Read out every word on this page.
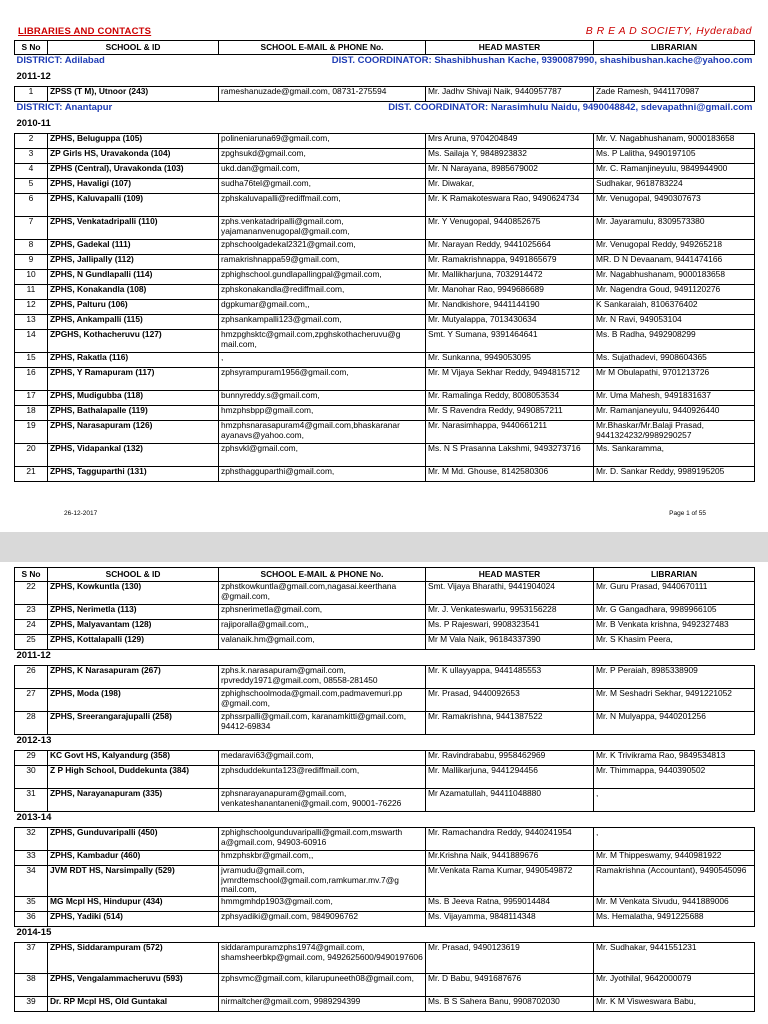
LIBRARIES AND CONTACTS	B R E A D SOCIETY, Hyderabad
S No	SCHOOL & ID	SCHOOL E-MAIL & PHONE No.	HEAD MASTER	LIBRARIAN

DISTRICT: Adilabad DIST. COORDINATOR: Shashibhushan Kache, 9390087990, shashibushan.kache@yahoo.com				

2011-12				
1	ZPSS (T M), Utnoor (243)	rameshanuzade@gmail.com, 08731-275594	Mr. Jadhv Shivaji Naik, 9440957787	Zade Ramesh, 9441170987

DISTRICT: Anantapur DIST. COORDINATOR: Narasimhulu Naidu, 9490048842, sdevapathni@gmail.com				

2010-11				
2	ZPHS, Beluguppa (105)	polineniaruna69@gmail.com,	Mrs Aruna, 9704204849	Mr. V. Nagabhushanam, 9000183658
3	ZP Girls HS, Uravakonda (104)	zpghsukd@gmail.com,	Ms. Sailaja Y, 9848923832	Ms. P Lalitha, 9490197105
4	ZPHS (Central), Uravakonda (103)	ukd.dan@gmail.com,	Mr. N Narayana, 8985679002	Mr. C. Ramanjineyulu, 9849944900
5	ZPHS, Havaligi (107)	sudha76tel@gmail.com,	Mr. Diwakar,	Sudhakar, 9618783224
6	ZPHS, Kaluvapalli (109)	zphskaluvapalli@rediffmail.com,	Mr. K Ramakoteswara Rao, 9490624734	Mr. Venugopal, 9490307673
7	ZPHS, Venkatadripalli (110)	zphs.venkatadripalli@gmail.com, yajamananvenugopal@gmail.com,	Mr. Y Venugopal, 9440852675	Mr. Jayaramulu, 8309573380
8	ZPHS, Gadekal (111)	zphschoolgadekal2321@gmail.com,	Mr. Narayan Reddy, 9441025664	Mr. Venugopal Reddy, 949265218
9	ZPHS, Jallipally (112)	ramakrishnappa59@gmail.com,	Mr. Ramakrishnappa, 9491865679	MR. D N Devaanam, 9441474166
10	ZPHS, N Gundlapalli (114)	zphighschool.gundlapallingpal@gmail.com,	Mr. Mallikharjuna, 7032914472	Mr. Nagabhushanam, 9000183658
11	ZPHS, Konakandla (108)	zphskonakandla@rediffmail.com,	Mr. Manohar Rao, 9949686689	Mr. Nagendra Goud, 9491120276
12	ZPHS, Palturu (106)	dgpkumar@gmail.com,,	Mr. Nandkishore, 9441144190	K Sankaraiah, 8106376402
13	ZPHS, Ankampalli (115)	zphsankampalli123@gmail.com,	Mr. Mutyalappa, 7013430634	Mr. N Ravi, 949053104
14	ZPGHS, Kothacheruvu (127)	hmzpghsktc@gmail.com,zpghskothacheruvu@g mail.com,	Smt. Y Sumana, 9391464641	Ms. B Radha, 9492908299
15	ZPHS, Rakatla (116)	,	Mr. Sunkanna, 9949053095	Ms. Sujathadevi, 9908604365
16	ZPHS, Y Ramapuram (117)	zphsyrampuram1956@gmail.com,	Mr. M Vijaya Sekhar Reddy, 9494815712	Mr M Obulapathi, 9701213726
17	ZPHS, Mudigubba (118)	bunnyreddy.s@gmail.com,	Mr. Ramalinga Reddy, 8008053534	Mr. Uma Mahesh, 9491831637
18	ZPHS, Bathalapalle (119)	hmzphsbpp@gmail.com,	Mr. S Ravendra Reddy, 9490857211	Mr. Ramanjaneyulu, 9440926440
19	ZPHS, Narasapuram (126)	hmzphsnarasapuram4@gmail.com,bhaskaranar ayanavs@yahoo.com,	Mr. Narasimhappa, 9440661211	Mr.Bhaskar/Mr.Balaji Prasad, 9441324232/9989290257
20	ZPHS, Vidapankal (132)	zphsvkl@gmail.com,	Ms. N S Prasanna Lakshmi, 9493273716	Ms. Sankaramma,
21	ZPHS, Tagguparthi (131)	zphsthagguparthi@gmail.com,	Mr. M Md. Ghouse, 8142580306	Mr. D. Sankar Reddy, 9989195205
26-12-2017	Page 1 of 55
S No	SCHOOL & ID	SCHOOL E-MAIL & PHONE No.	HEAD MASTER	LIBRARIAN
22	ZPHS, Kowkuntla (130)	zphstkowkuntla@gmail.com,nagasai.keerthana @gmail.com,	Smt. Vijaya Bharathi, 9441904024	Mr. Guru Prasad, 9440670111
23	ZPHS, Nerimetla (113)	zphsnerimetla@gmail.com,	Mr. J. Venkateswarlu, 9953156228	Mr. G Gangadhara, 9989966105
24	ZPHS, Malyavantam (128)	rajiporalla@gmail.com,,	Ms. P Rajeswari, 9908323541	Mr. B Venkata krishna, 9492327483
25	ZPHS, Kottalapalli (129)	valanaik.hm@gmail.com,	Mr M Vala Naik, 96184337390	Mr. S Khasim Peera,
2011-12				
26	ZPHS, K Narasapuram (267)	zphs.k.narasapuram@gmail.com, rpvreddy1971@gmail.com, 08558-281450	Mr. K ullayyappa, 9441485553	Mr. P Peraiah, 8985338909
27	ZPHS, Moda (198)	zphighschoolmoda@gmail.com,padmavemuri.pp @gmail.com,	Mr. Prasad, 9440092653	Mr. M Seshadri Sekhar, 9491221052
28	ZPHS, Sreerangarajupalli (258)	zphssrpalli@gmail.com, karanamkitti@gmail.com, 94412-69834	Mr. Ramakrishna, 9441387522	Mr. N Mulyappa, 9440201256
2012-13				
29	KC Govt HS, Kalyandurg (358)	medaravi63@gmail.com,	Mr. Ravindrababu, 9958462969	Mr. K Trivikrama Rao, 9849534813
30	Z P High School, Duddekunta (384)	zphsduddekunta123@rediffmail.com,	Mr. Mallikarjuna, 9441294456	Mr. Thimmappa, 9440390502
31	ZPHS, Narayanapuram (335)	zphsnarayanapuram@gmail.com, venkateshanantaneni@gmail.com, 90001-76226	Mr Azamatullah, 94411048880	,
2013-14				
32	ZPHS, Gunduvaripalli (450)	zphighschoolgunduvaripalli@gmail.com,mswarth a@gmail.com, 94903-60916	Mr. Ramachandra Reddy, 9440241954	,
33	ZPHS, Kambadur (460)	hmzphskbr@gmail.com,,	Mr.Krishna Naik, 9441889676	Mr. M Thippeswamy, 9440981922
34	JVM RDT HS, Narsimpally (529)	jvramudu@gmail.com, jvmrdtemschool@gmail.com,ramkumar.mv.7@g mail.com,	Mr.Venkata Rama Kumar, 9490549872	Ramakrishna (Accountant), 9490545096
35	MG Mcpl HS, Hindupur (434)	hmmgmhdp1903@gmail.com,	Ms. B Jeeva Ratna, 9959014484	Mr. M Venkata Sivudu, 9441889006
36	ZPHS, Yadiki (514)	zphsyadiki@gmail.com, 9849096762	Ms. Vijayamma, 9848114348	Ms. Hemalatha, 9491225688
2014-15				
37	ZPHS, Siddarampuram (572)	siddarampuramzphs1974@gmail.com, shamsheerbkp@gmail.com, 9492625600/9490197606	Mr. Prasad, 9490123619	Mr. Sudhakar, 9441551231
38	ZPHS, Vengalammacheruvu (593)	zphsvmc@gmail.com, kilarupuneeth08@gmail.com,	Mr. D Babu, 9491687676	Mr. Jyothilal, 9642000079
39	Dr. RP Mcpl HS, Old Guntakal	nirmaltcher@gmail.com, 9989294399	Ms. B S Sahera Banu, 9908702030	Mr. K M Visweswara Babu,
